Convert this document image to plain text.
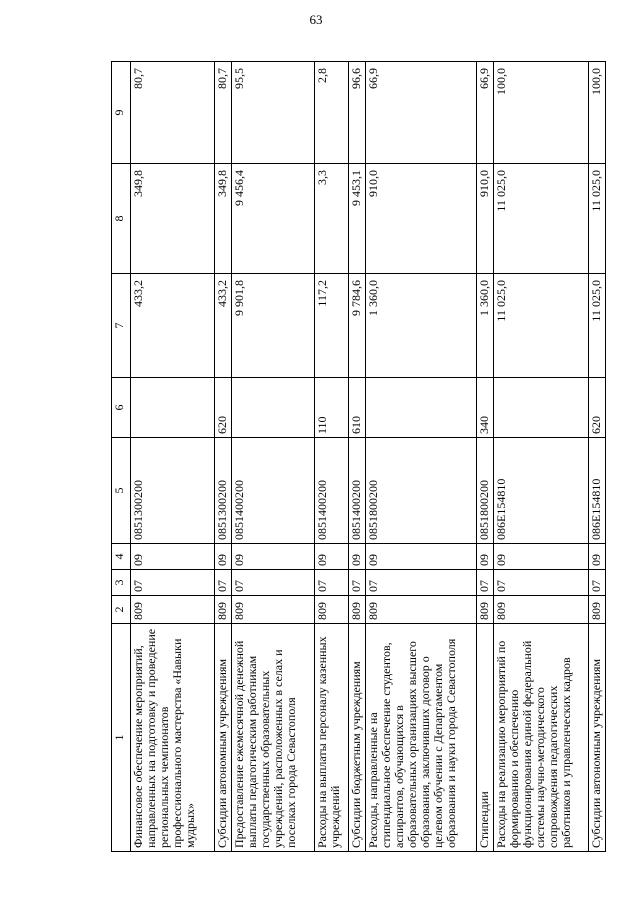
63
1	2	3	4	5	6	7	8	9
Финансовое обеспечение мероприятий, направленных на подготовку и проведение региональных чемпионатов профессионального мастерства «Навыки мудрых»	809	07	09	0851300200		433,2	349,8	80,7
Субсидии автономным учреждениям	809	07	09	0851300200	620	433,2	349,8	80,7
Предоставление ежемесячной денежной выплаты педагогическим работникам государственных образовательных учреждений, расположенных в селах и поселках города Севастополя	809	07	09	0851400200		9 901,8	9 456,4	95,5
Расходы на выплаты персоналу казенных учреждений	809	07	09	0851400200	110	117,2	3,3	2,8
Субсидии бюджетным учреждениям	809	07	09	0851400200	610	9 784,6	9 453,1	96,6
Расходы, направленные на стипендиальное обеспечение студентов, аспирантов, обучающихся в образовательных организациях высшего образования, заключивших договор о целевом обучении с Департаментом образования и науки города Севастополя	809	07	09	0851800200		1 360,0	910,0	66,9
Стипендии	809	07	09	0851800200	340	1 360,0	910,0	66,9
Расходы на реализацию мероприятий по формированию и обеспечению функционирования единой федеральной системы научно-методического сопровождения педагогических работников и управленческих кадров	809	07	09	086E154810		11 025,0	11 025,0	100,0
Субсидии автономным учреждениям	809	07	09	086E154810	620	11 025,0	11 025,0	100,0
